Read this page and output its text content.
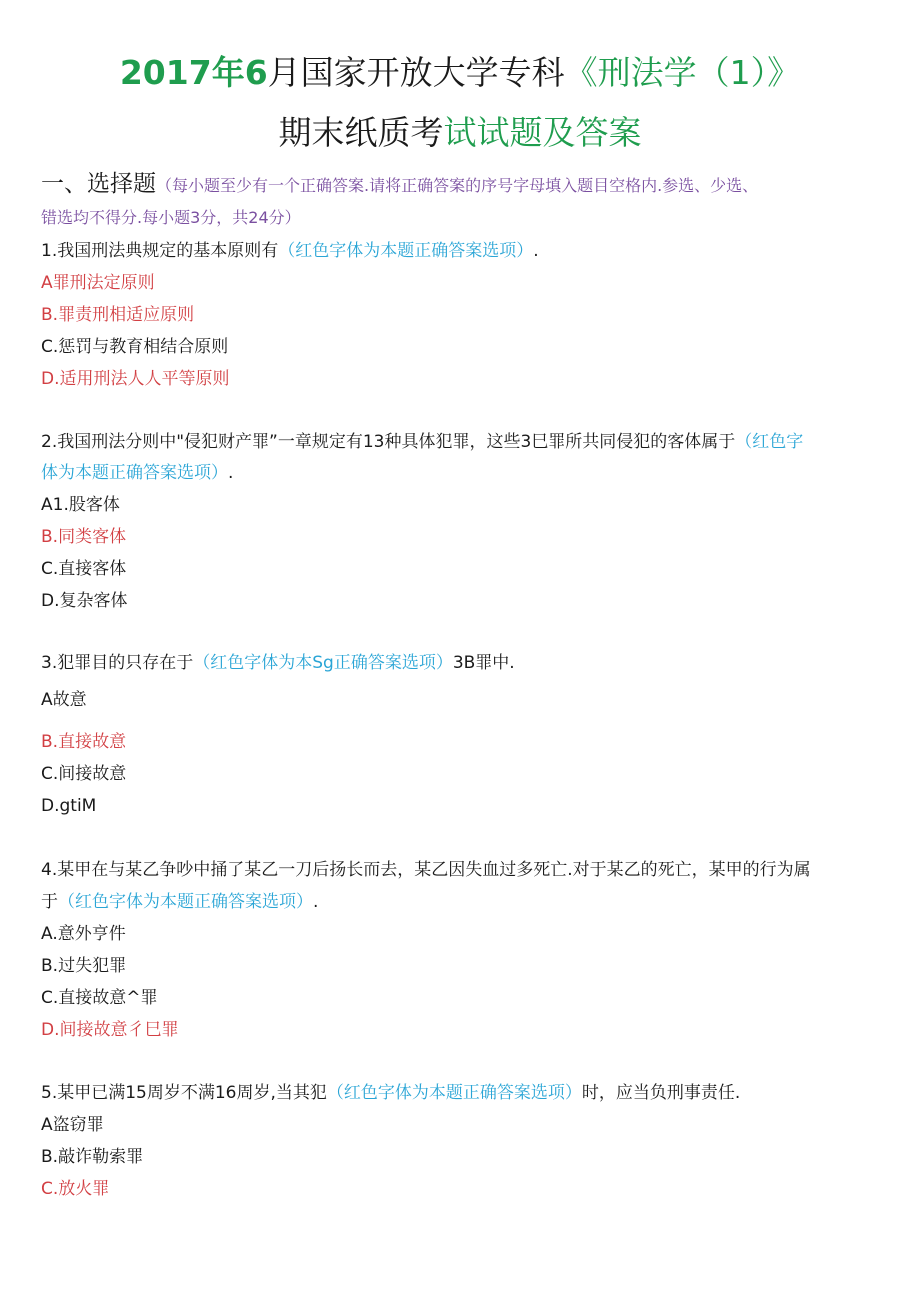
2017年6月国家开放大学专科《刑法学（1）》
期末纸质考试试题及答案
一、选择题（每小题至少有一个正确答案.请将正确答案的序号字母填入题目空格内.参选、少选、
错选均不得分.每小题3分，共24分）
1.我国刑法典规定的基本原则有（红色字体为本题正确答案选项）.
A罪刑法定原则
B.罪责刑相适应原则
C.惩罚与教育相结合原则
D.适用刑法人人平等原则
2.我国刑法分则中"侵犯财产罪”一章规定有13种具体犯罪，这些3巳罪所共同侵犯的客体属于（红色字
体为本题正确答案选项）.
A1.股客体
B.同类客体
C.直接客体
D.复杂客体
3.犯罪目的只存在于（红色字体为本Sg正确答案选项）3B罪中.
A故意
B.直接故意
C.间接故意
D.gtiM
4.某甲在与某乙争吵中捅了某乙一刀后扬长而去，某乙因失血过多死亡.对于某乙的死亡，某甲的行为属
于（红色字体为本题正确答案选项）.
A.意外亨件
B.过失犯罪
C.直接故意^罪
D.间接故意彳巳罪
5.某甲已满15周岁不满16周岁,当其犯（红色字体为本题正确答案选项）时，应当负刑事责任.
A盗窃罪
B.敲诈勒索罪
C.放火罪
